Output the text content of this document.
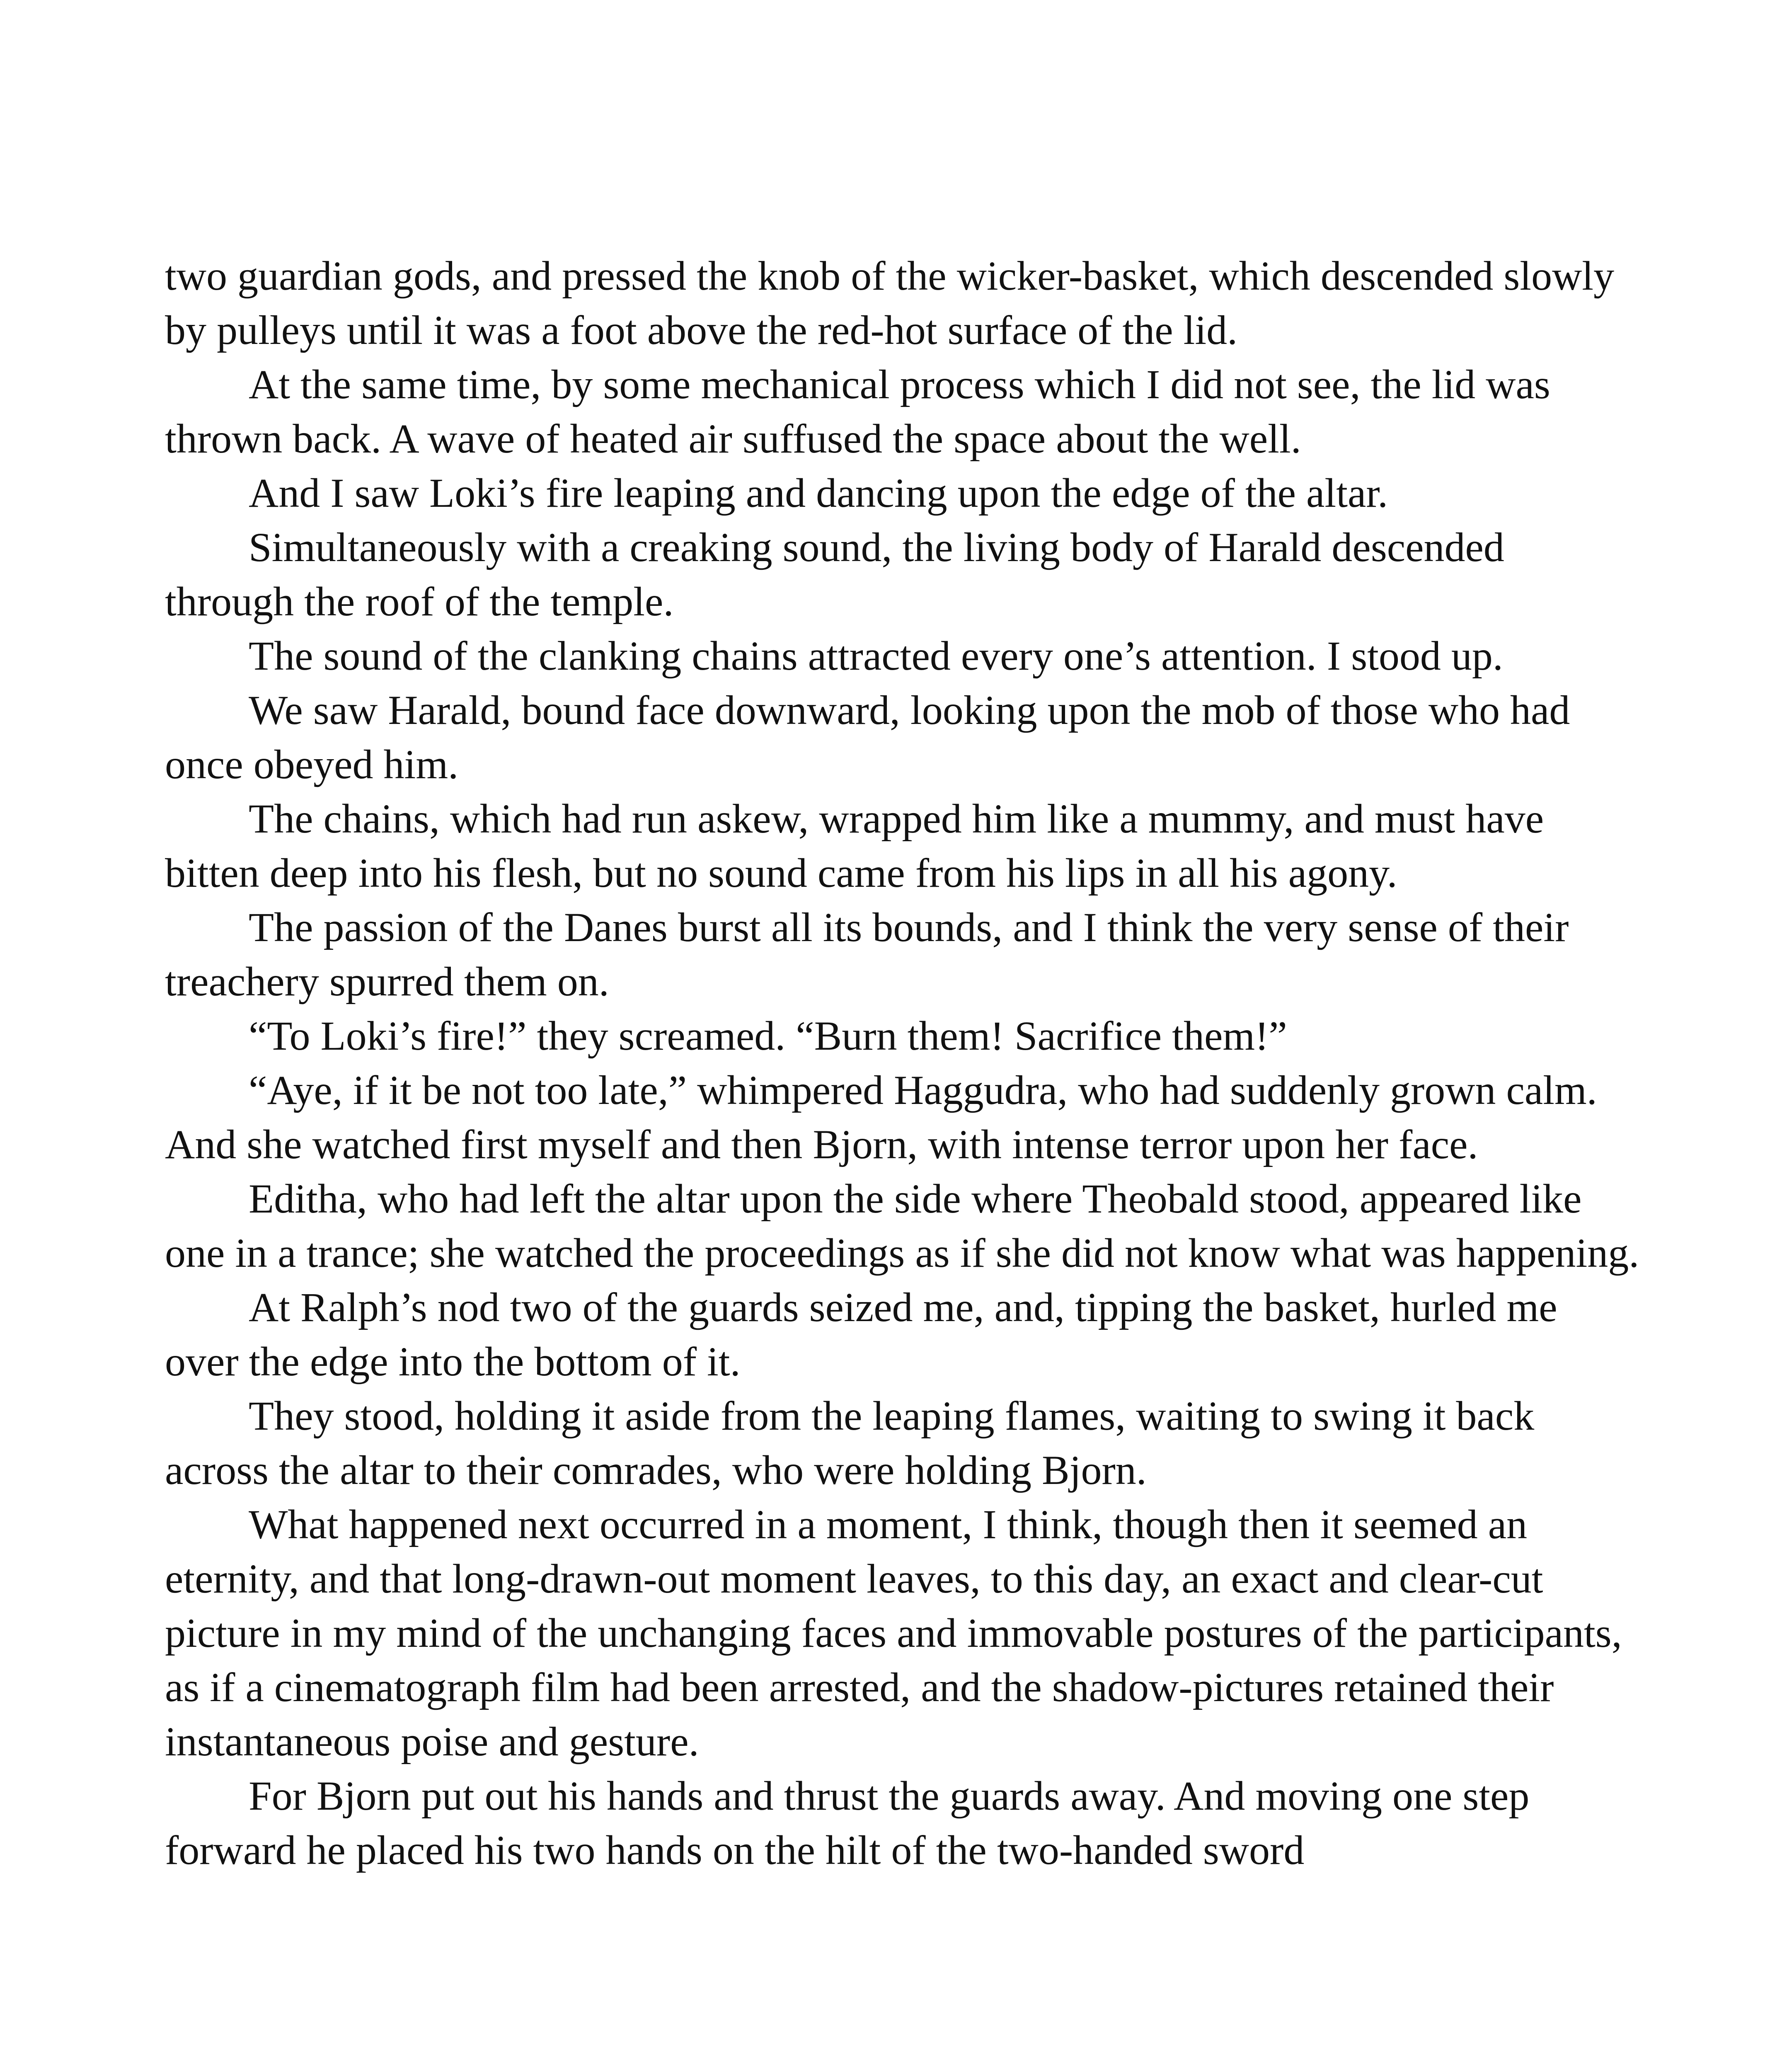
two guardian gods, and pressed the knob of the wicker-basket, which descended slowly by pulleys until it was a foot above the red-hot surface of the lid.

At the same time, by some mechanical process which I did not see, the lid was thrown back. A wave of heated air suffused the space about the well.

And I saw Loki’s fire leaping and dancing upon the edge of the altar.

Simultaneously with a creaking sound, the living body of Harald descended through the roof of the temple.

The sound of the clanking chains attracted every one’s attention. I stood up.

We saw Harald, bound face downward, looking upon the mob of those who had once obeyed him.

The chains, which had run askew, wrapped him like a mummy, and must have bitten deep into his flesh, but no sound came from his lips in all his agony.

The passion of the Danes burst all its bounds, and I think the very sense of their treachery spurred them on.

“To Loki’s fire!” they screamed. “Burn them! Sacrifice them!”

“Aye, if it be not too late,” whimpered Haggudra, who had suddenly grown calm. And she watched first myself and then Bjorn, with intense terror upon her face.

Editha, who had left the altar upon the side where Theobald stood, appeared like one in a trance; she watched the proceedings as if she did not know what was happening.

At Ralph’s nod two of the guards seized me, and, tipping the basket, hurled me over the edge into the bottom of it.

They stood, holding it aside from the leaping flames, waiting to swing it back across the altar to their comrades, who were holding Bjorn.

What happened next occurred in a moment, I think, though then it seemed an eternity, and that long-drawn-out moment leaves, to this day, an exact and clear-cut picture in my mind of the unchanging faces and immovable postures of the participants, as if a cinematograph film had been arrested, and the shadow-pictures retained their instantaneous poise and gesture.

For Bjorn put out his hands and thrust the guards away. And moving one step forward he placed his two hands on the hilt of the two-handed sword
